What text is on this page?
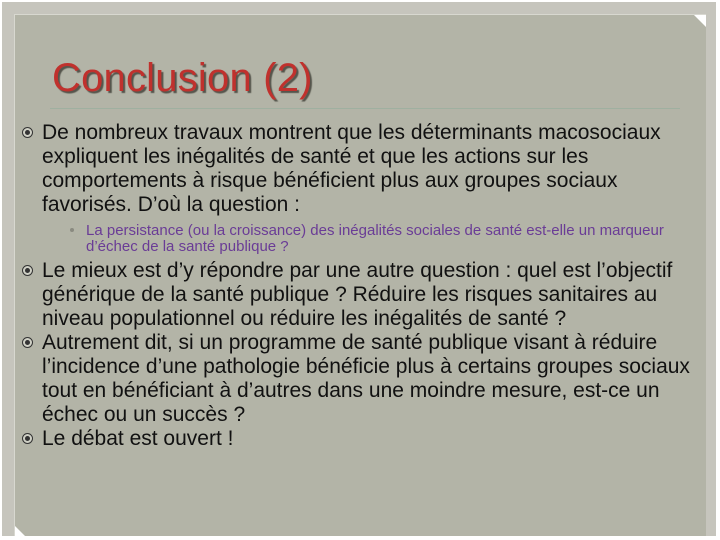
Conclusion (2)
De nombreux travaux montrent que les déterminants macosociaux expliquent les inégalités de santé et que les actions sur les comportements à risque bénéficient plus aux groupes sociaux favorisés. D’où la question :
La persistance (ou la croissance) des inégalités sociales de santé est-elle un marqueur d’échec de la santé publique ?
Le mieux est d’y répondre par une autre question : quel est l’objectif générique de la santé publique ? Réduire les risques sanitaires au niveau populationnel ou réduire les inégalités de santé ?
Autrement dit, si un programme de santé publique visant à réduire l’incidence d’une pathologie bénéficie plus à certains groupes sociaux tout en bénéficiant à d’autres dans une moindre mesure, est-ce un échec ou un succès ?
Le débat est ouvert !
